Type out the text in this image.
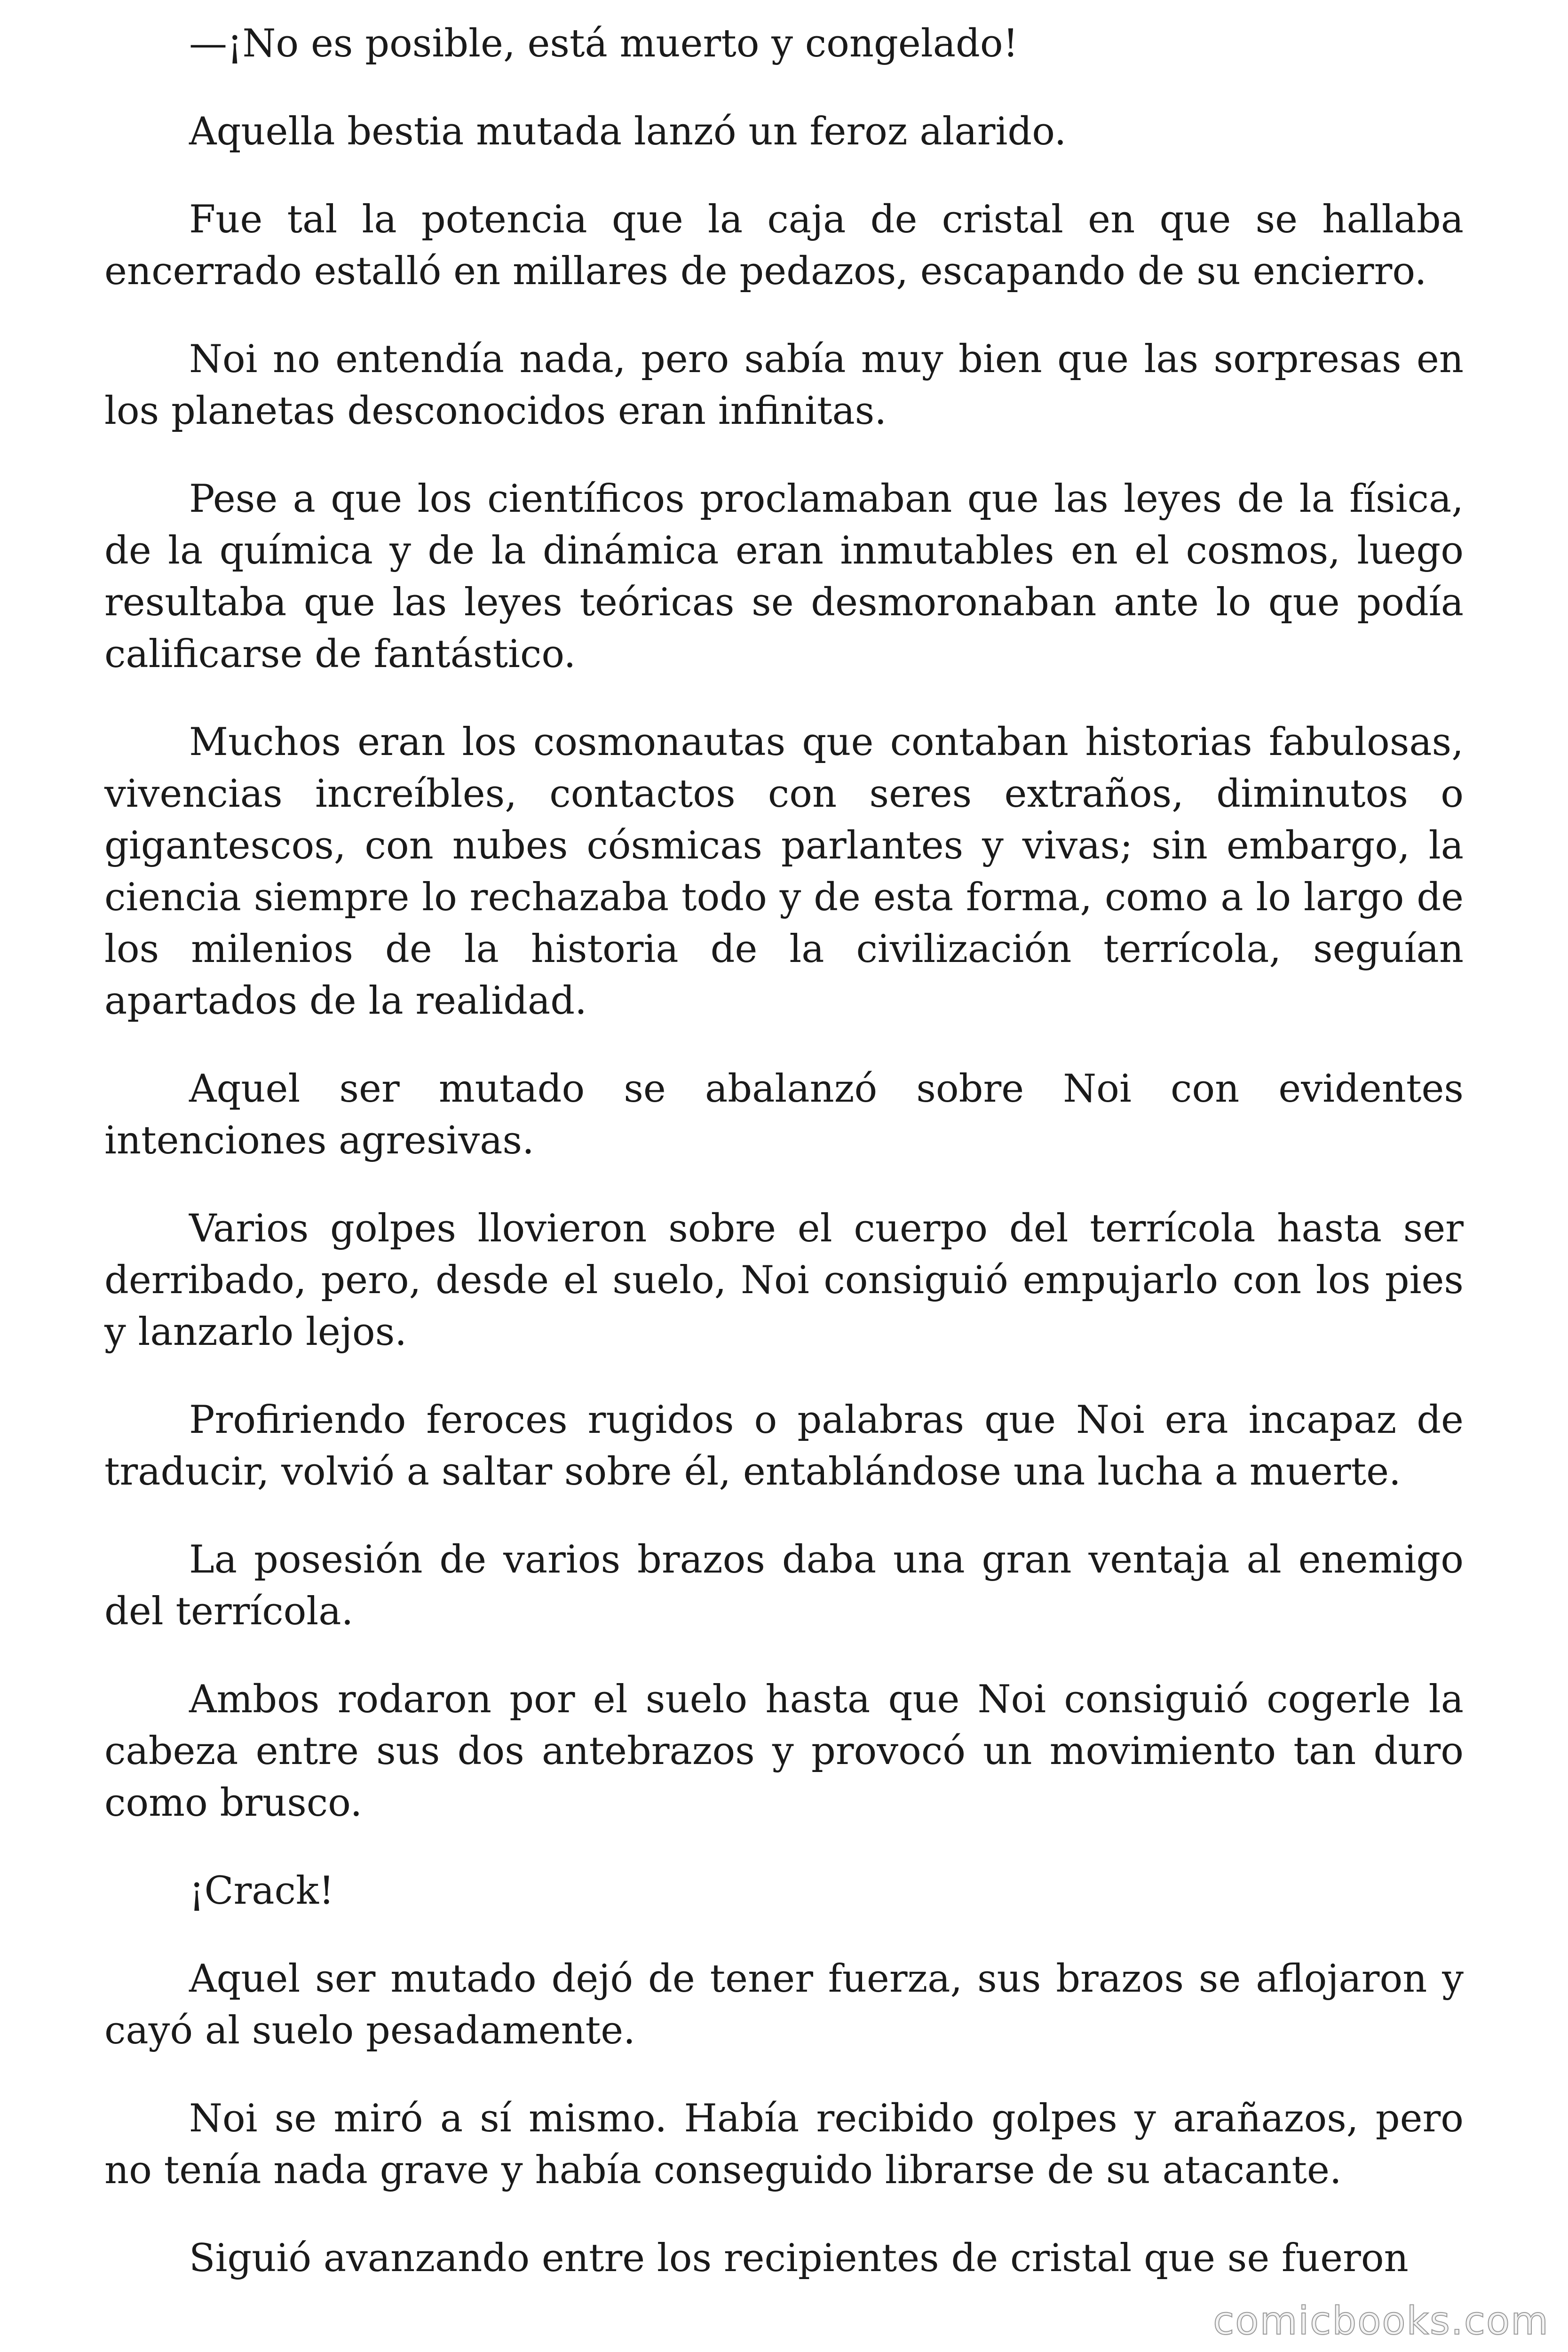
—¡No es posible, está muerto y congelado!

Aquella bestia mutada lanzó un feroz alarido.

Fue tal la potencia que la caja de cristal en que se hallaba encerrado estalló en millares de pedazos, escapando de su encierro.

Noi no entendía nada, pero sabía muy bien que las sorpresas en los planetas desconocidos eran infinitas.

Pese a que los científicos proclamaban que las leyes de la física, de la química y de la dinámica eran inmutables en el cosmos, luego resultaba que las leyes teóricas se desmoronaban ante lo que podía calificarse de fantástico.

Muchos eran los cosmonautas que contaban historias fabulosas, vivencias increíbles, contactos con seres extraños, diminutos o gigantescos, con nubes cósmicas parlantes y vivas; sin embargo, la ciencia siempre lo rechazaba todo y de esta forma, como a lo largo de los milenios de la historia de la civilización terrícola, seguían apartados de la realidad.

Aquel ser mutado se abalanzó sobre Noi con evidentes intenciones agresivas.

Varios golpes llovieron sobre el cuerpo del terrícola hasta ser derribado, pero, desde el suelo, Noi consiguió empujarlo con los pies y lanzarlo lejos.

Profiriendo feroces rugidos o palabras que Noi era incapaz de traducir, volvió a saltar sobre él, entablándose una lucha a muerte.

La posesión de varios brazos daba una gran ventaja al enemigo del terrícola.

Ambos rodaron por el suelo hasta que Noi consiguió cogerle la cabeza entre sus dos antebrazos y provocó un movimiento tan duro como brusco.

¡Crack!

Aquel ser mutado dejó de tener fuerza, sus brazos se aflojaron y cayó al suelo pesadamente.

Noi se miró a sí mismo. Había recibido golpes y arañazos, pero no tenía nada grave y había conseguido librarse de su atacante.

Siguió avanzando entre los recipientes de cristal que se fueron

comicbooks.com
